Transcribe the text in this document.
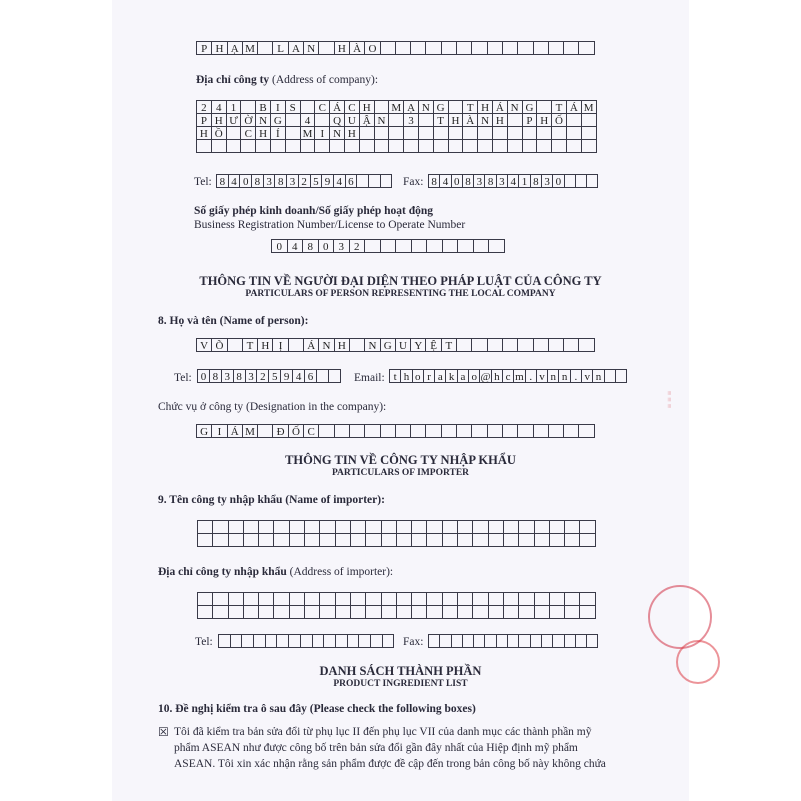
P H Ạ M	L A N	H À O
Địa chỉ công ty (Address of company):
2 4 1	B I S	C Á C H	M Ạ N G	T H Á N G	T Á M
P H Ư Ờ N G	4	Q U Ậ N	3	T H À N H	P H Ố
H Ồ	C H Í	M I N H
Tel: 8 4 0 8 3 8 3 2 5 9 4 6	Fax: 8 4 0 8 3 8 3 4 1 8 3 0
Số giấy phép kinh doanh/Số giấy phép hoạt động
Business Registration Number/License to Operate Number
0 4 8 0 3 2
THÔNG TIN VỀ NGƯỜI ĐẠI DIỆN THEO PHÁP LUẬT CỦA CÔNG TY
PARTICULARS OF PERSON REPRESENTING THE LOCAL COMPANY
8. Họ và tên (Name of person):
V Õ	T H Ị	Á N H	N G U Y Ệ T
Tel: 0 8 3 8 3 2 5 9 4 6	Email: t h o r a k a o @ h c m . v n n . v n
Chức vụ ở công ty (Designation in the company):
G I Á M	Đ Ố C
THÔNG TIN VỀ CÔNG TY NHẬP KHẨU
PARTICULARS OF IMPORTER
9. Tên công ty nhập khẩu (Name of importer):
Địa chỉ công ty nhập khẩu (Address of importer):
Tel:	Fax:
DANH SÁCH THÀNH PHẦN
PRODUCT INGREDIENT LIST
10. Đề nghị kiểm tra ô sau đây (Please check the following boxes)
☒ Tôi đã kiểm tra bản sửa đổi từ phụ lục II đến phụ lục VII của danh mục các thành phần mỹ
phẩm ASEAN như được công bố trên bản sửa đổi gần đây nhất của Hiệp định mỹ phẩm
ASEAN. Tôi xin xác nhận rằng sản phẩm được đề cập đến trong bản công bố này không chứa
≡ ≡ ≡
